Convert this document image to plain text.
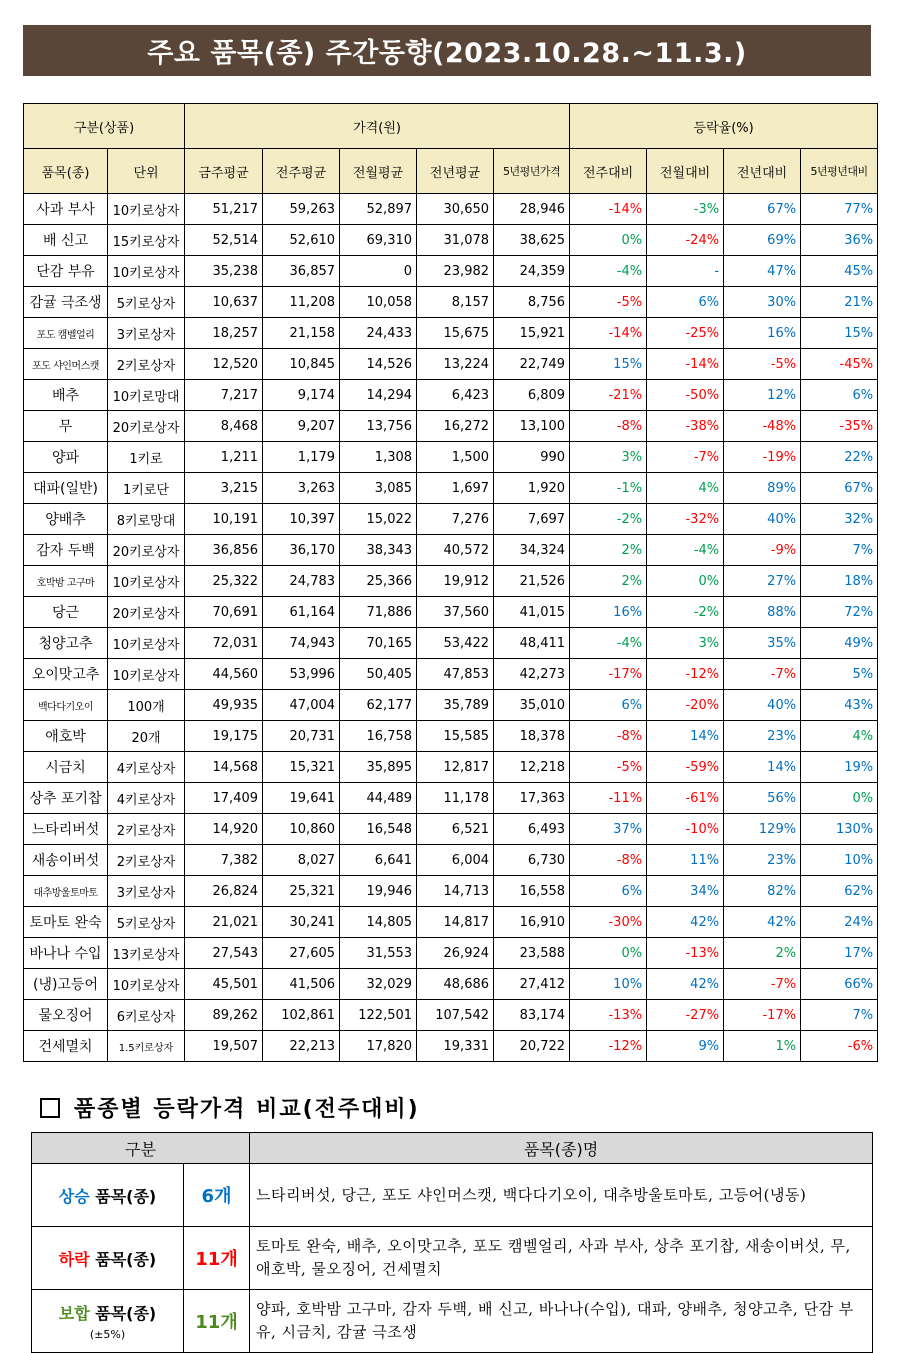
주요 품목(종) 주간동향(2023.10.28.~11.3.)
구분(상품)		가격(원)					등락율(%)			
품목(종)	단위	금주평균	전주평균	전월평균	전년평균	5년평년가격	전주대비	전월대비	전년대비	5년평년대비
사과 부사	10키로상자	51,217	59,263	52,897	30,650	28,946	-14%	-3%	67%	77%
배 신고	15키로상자	52,514	52,610	69,310	31,078	38,625	0%	-24%	69%	36%
단감 부유	10키로상자	35,238	36,857	0	23,982	24,359	-4%	-	47%	45%
감귤 극조생	5키로상자	10,637	11,208	10,058	8,157	8,756	-5%	6%	30%	21%
포도 캠벨얼리	3키로상자	18,257	21,158	24,433	15,675	15,921	-14%	-25%	16%	15%
포도 샤인머스캣	2키로상자	12,520	10,845	14,526	13,224	22,749	15%	-14%	-5%	-45%
배추	10키로망대	7,217	9,174	14,294	6,423	6,809	-21%	-50%	12%	6%
무	20키로상자	8,468	9,207	13,756	16,272	13,100	-8%	-38%	-48%	-35%
양파	1키로	1,211	1,179	1,308	1,500	990	3%	-7%	-19%	22%
대파(일반)	1키로단	3,215	3,263	3,085	1,697	1,920	-1%	4%	89%	67%
양배추	8키로망대	10,191	10,397	15,022	7,276	7,697	-2%	-32%	40%	32%
감자 두백	20키로상자	36,856	36,170	38,343	40,572	34,324	2%	-4%	-9%	7%
호박밤 고구마	10키로상자	25,322	24,783	25,366	19,912	21,526	2%	0%	27%	18%
당근	20키로상자	70,691	61,164	71,886	37,560	41,015	16%	-2%	88%	72%
청양고추	10키로상자	72,031	74,943	70,165	53,422	48,411	-4%	3%	35%	49%
오이맛고추	10키로상자	44,560	53,996	50,405	47,853	42,273	-17%	-12%	-7%	5%
백다다기오이	100개	49,935	47,004	62,177	35,789	35,010	6%	-20%	40%	43%
애호박	20개	19,175	20,731	16,758	15,585	18,378	-8%	14%	23%	4%
시금치	4키로상자	14,568	15,321	35,895	12,817	12,218	-5%	-59%	14%	19%
상추 포기찹	4키로상자	17,409	19,641	44,489	11,178	17,363	-11%	-61%	56%	0%
느타리버섯	2키로상자	14,920	10,860	16,548	6,521	6,493	37%	-10%	129%	130%
새송이버섯	2키로상자	7,382	8,027	6,641	6,004	6,730	-8%	11%	23%	10%
대추방울토마토	3키로상자	26,824	25,321	19,946	14,713	16,558	6%	34%	82%	62%
토마토 완숙	5키로상자	21,021	30,241	14,805	14,817	16,910	-30%	42%	42%	24%
바나나 수입	13키로상자	27,543	27,605	31,553	26,924	23,588	0%	-13%	2%	17%
(냉)고등어	10키로상자	45,501	41,506	32,029	48,686	27,412	10%	42%	-7%	66%
물오징어	6키로상자	89,262	102,861	122,501	107,542	83,174	-13%	-27%	-17%	7%
건세멸치	1.5키로상자	19,507	22,213	17,820	19,331	20,722	-12%	9%	1%	-6%
품종별 등락가격 비교(전주대비)
구분		품목(종)명
상승 품목(종)	6개	느타리버섯, 당근, 포도 샤인머스캣, 백다다기오이, 대추방울토마토, 고등어(냉동)
하락 품목(종)	11개	토마토 완숙, 배추, 오이맛고추, 포도 캠벨얼리, 사과 부사, 상추 포기찹, 새송이버섯, 무, 애호박, 물오징어, 건세멸치
보합 품목(종)
(±5%)	11개	양파, 호박밤 고구마, 감자 두백, 배 신고, 바나나(수입), 대파, 양배추, 청양고추, 단감 부유, 시금치, 감귤 극조생
